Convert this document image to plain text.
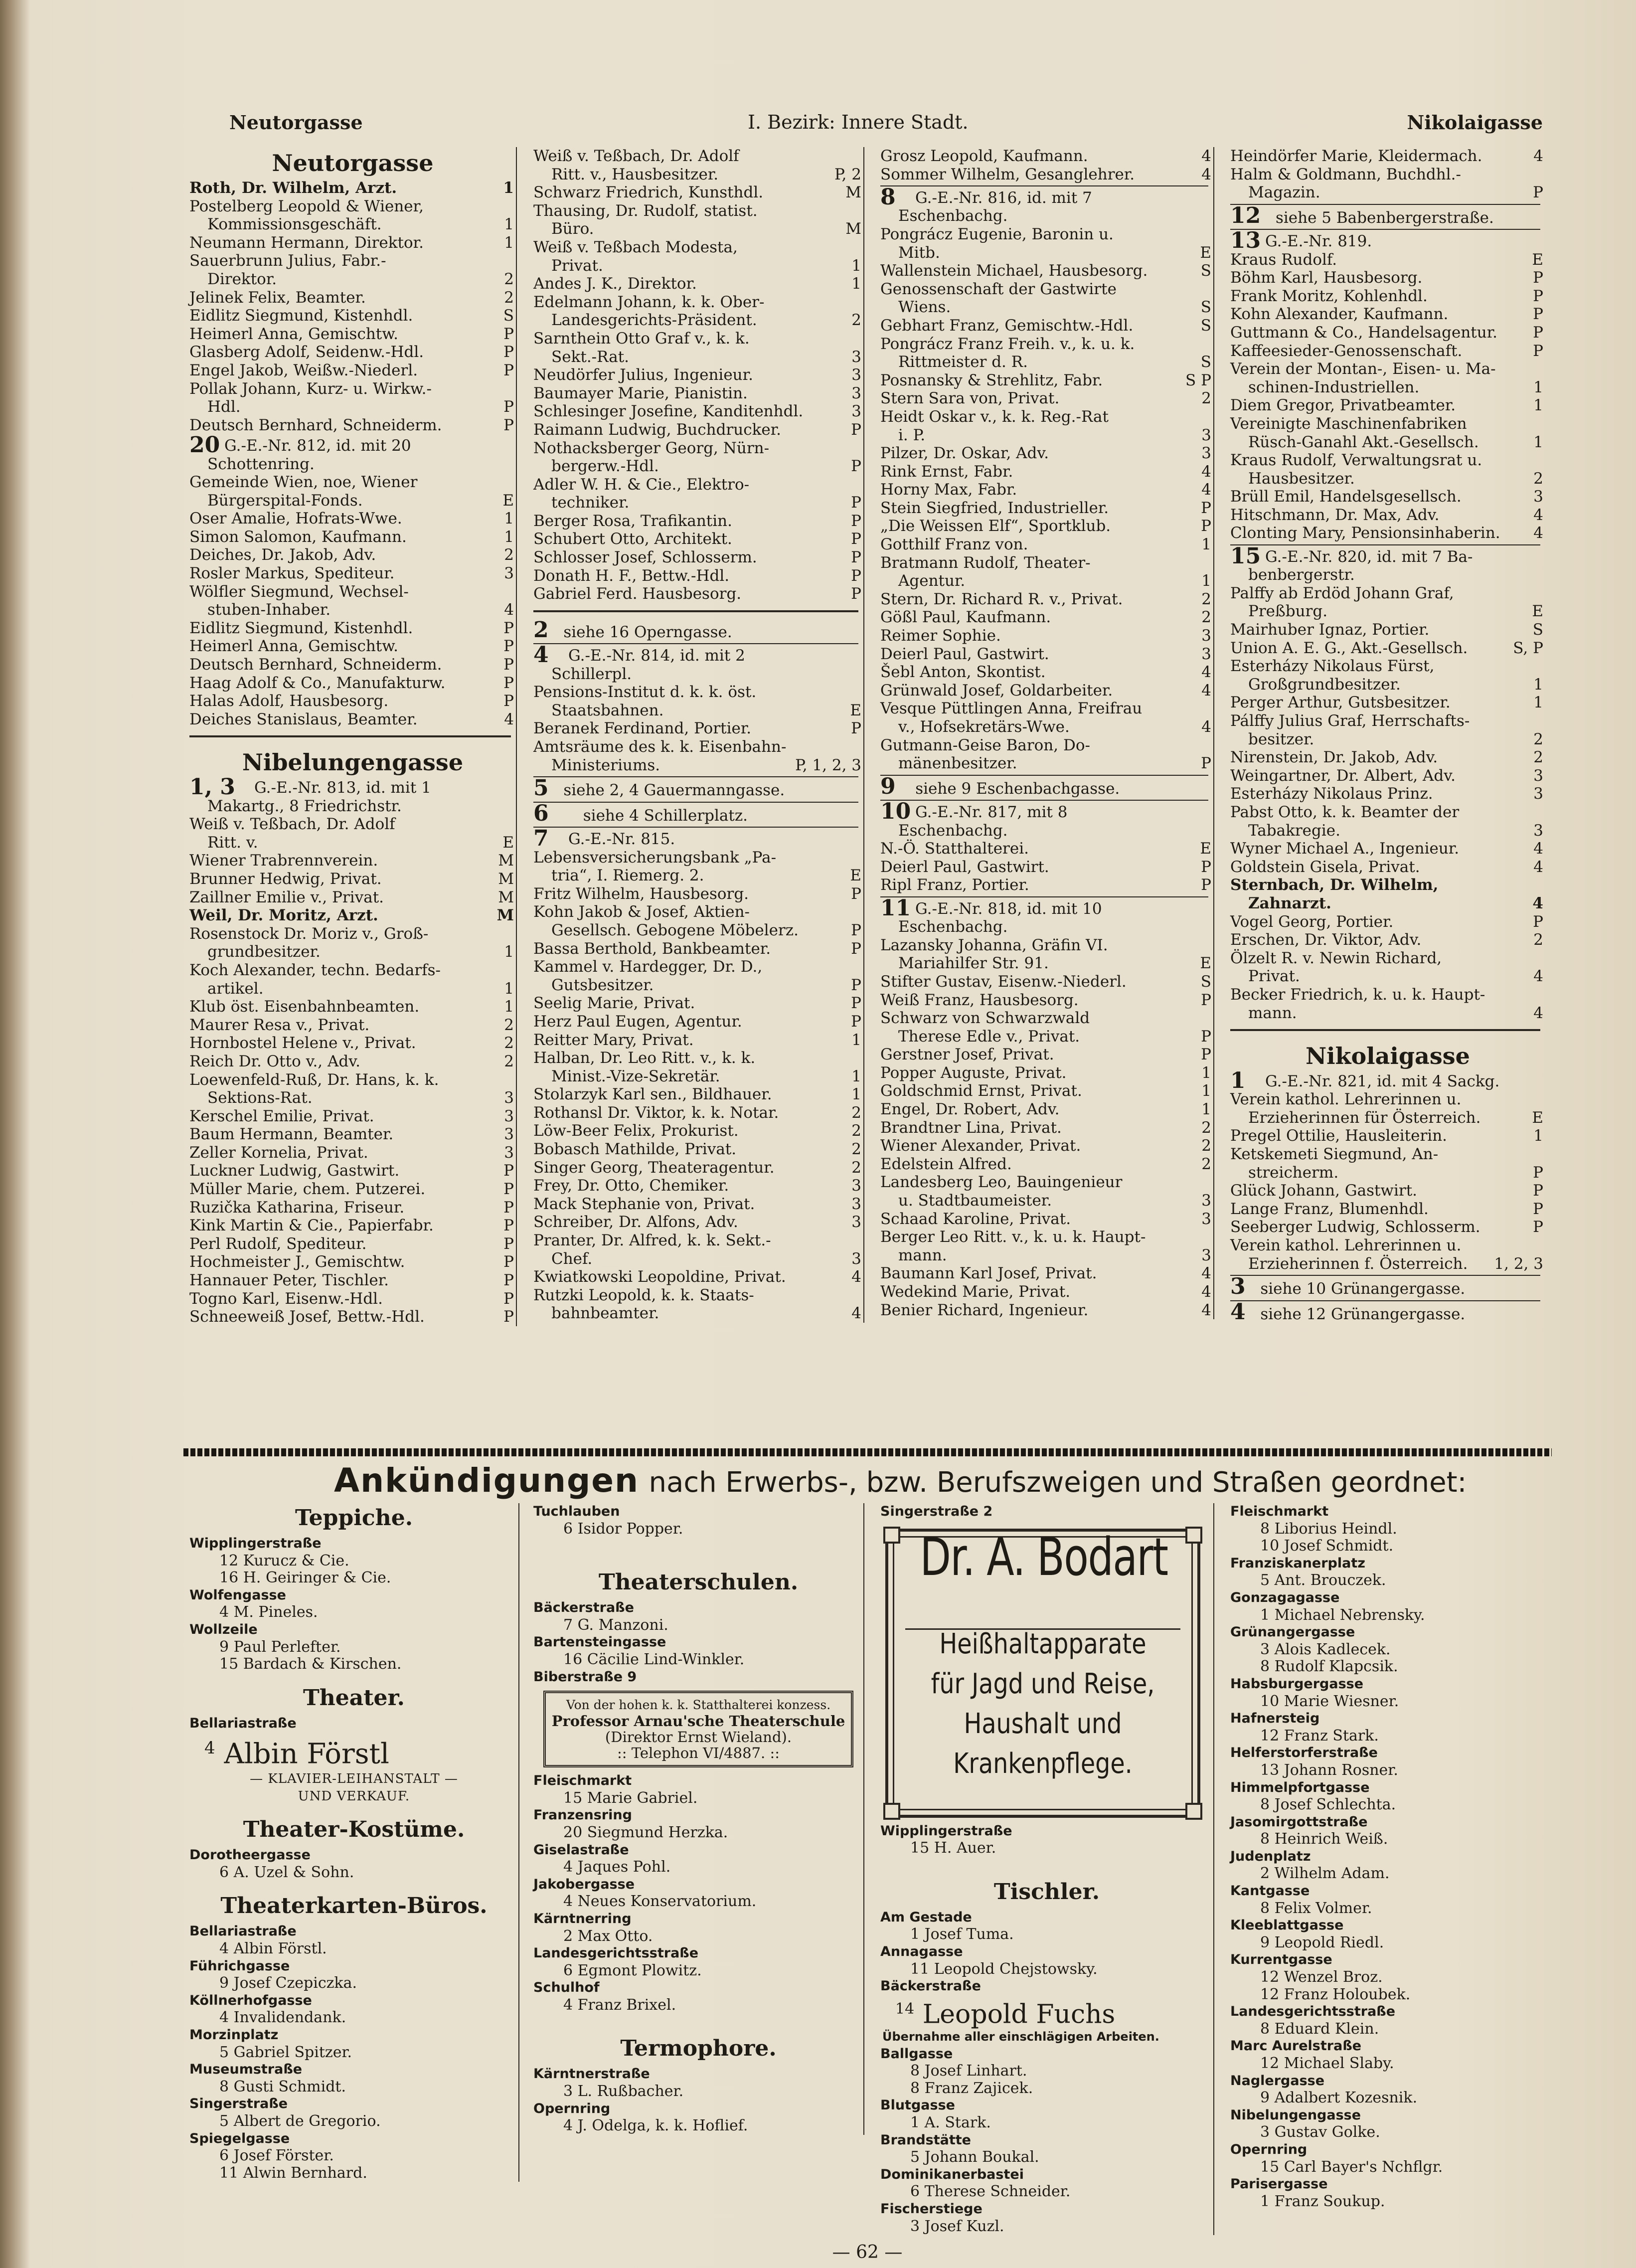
Neutorgasse	I. Bezirk: Innere Stadt.	Nikolaigasse
Neutorgasse
Roth, Dr. Wilhelm, Arzt.	1
Postelberg Leopold & Wiener,
Kommissionsgeschäft.	1
Neumann Hermann, Direktor.	1
Sauerbrunn Julius, Fabr.-
Direktor.	2
Jelinek Felix, Beamter.	2
Eidlitz Siegmund, Kistenhdl.	S
Heimerl Anna, Gemischtw.	P
Glasberg Adolf, Seidenw.-Hdl.	P
Engel Jakob, Weißw.-Niederl.	P
Pollak Johann, Kurz- u. Wirkw.-
Hdl.	P
Deutsch Bernhard, Schneiderm.	P
20 G.-E.-Nr. 812, id. mit 20
Schottenring.
Gemeinde Wien, noe, Wiener
Bürgerspital-Fonds.	E
Oser Amalie, Hofrats-Wwe.	1
Simon Salomon, Kaufmann.	1
Deiches, Dr. Jakob, Adv.	2
Rosler Markus, Spediteur.	3
Wölfler Siegmund, Wechsel-
stuben-Inhaber.	4
Eidlitz Siegmund, Kistenhdl.	P
Heimerl Anna, Gemischtw.	P
Deutsch Bernhard, Schneiderm.	P
Haag Adolf & Co., Manufakturw.	P
Halas Adolf, Hausbesorg.	P
Deiches Stanislaus, Beamter.	4
Nibelungengasse
1, 3	G.-E.-Nr. 813, id. mit 1
Makartg., 8 Friedrichstr.
Weiß v. Teßbach, Dr. Adolf
Ritt. v.	E
Wiener Trabrennverein.	M
Brunner Hedwig, Privat.	M
Zaillner Emilie v., Privat.	M
Weil, Dr. Moritz, Arzt.	M
Rosenstock Dr. Moriz v., Groß-
grundbesitzer.	1
Koch Alexander, techn. Bedarfs-
artikel.	1
Klub öst. Eisenbahnbeamten.	1
Maurer Resa v., Privat.	2
Hornbostel Helene v., Privat.	2
Reich Dr. Otto v., Adv.	2
Loewenfeld-Ruß, Dr. Hans, k. k.
Sektions-Rat.	3
Kerschel Emilie, Privat.	3
Baum Hermann, Beamter.	3
Zeller Kornelia, Privat.	3
Luckner Ludwig, Gastwirt.	P
Müller Marie, chem. Putzerei.	P
Ruzička Katharina, Friseur.	P
Kink Martin & Cie., Papierfabr.	P
Perl Rudolf, Spediteur.	P
Hochmeister J., Gemischtw.	P
Hannauer Peter, Tischler.	P
Togno Karl, Eisenw.-Hdl.	P
Schneeweiß Josef, Bettw.-Hdl.	P
Weiß v. Teßbach, Dr. Adolf
Ritt. v., Hausbesitzer.	P, 2
Schwarz Friedrich, Kunsthdl.	M
Thausing, Dr. Rudolf, statist.
Büro.	M
Weiß v. Teßbach Modesta,
Privat.	1
Andes J. K., Direktor.	1
Edelmann Johann, k. k. Ober-
Landesgerichts-Präsident.	2
Sarnthein Otto Graf v., k. k.
Sekt.-Rat.	3
Neudörfer Julius, Ingenieur.	3
Baumayer Marie, Pianistin.	3
Schlesinger Josefine, Kanditenhdl.	3
Raimann Ludwig, Buchdrucker.	P
Nothacksberger Georg, Nürn-
bergerw.-Hdl.	P
Adler W. H. & Cie., Elektro-
techniker.	P
Berger Rosa, Trafikantin.	P
Schubert Otto, Architekt.	P
Schlosser Josef, Schlosserm.	P
Donath H. F., Bettw.-Hdl.	P
Gabriel Ferd. Hausbesorg.	P
2 siehe 16 Operngasse.
4	G.-E.-Nr. 814, id. mit 2
Schillerpl.
Pensions-Institut d. k. k. öst.
Staatsbahnen.	E
Beranek Ferdinand, Portier.	P
Amtsräume des k. k. Eisenbahn-
Ministeriums.	P, 1, 2, 3
5 siehe 2, 4 Gauermanngasse.
6 siehe 4 Schillerplatz.
7	G.-E.-Nr. 815.
Lebensversicherungsbank „Pa-
tria“, I. Riemerg. 2.	E
Fritz Wilhelm, Hausbesorg.	P
Kohn Jakob & Josef, Aktien-
Gesellsch. Gebogene Möbelerz.	P
Bassa Berthold, Bankbeamter.	P
Kammel v. Hardegger, Dr. D.,
Gutsbesitzer.	P
Seelig Marie, Privat.	P
Herz Paul Eugen, Agentur.	P
Reitter Mary, Privat.	1
Halban, Dr. Leo Ritt. v., k. k.
Minist.-Vize-Sekretär.	1
Stolarzyk Karl sen., Bildhauer.	1
Rothansl Dr. Viktor, k. k. Notar.	2
Löw-Beer Felix, Prokurist.	2
Bobasch Mathilde, Privat.	2
Singer Georg, Theateragentur.	2
Frey, Dr. Otto, Chemiker.	3
Mack Stephanie von, Privat.	3
Schreiber, Dr. Alfons, Adv.	3
Pranter, Dr. Alfred, k. k. Sekt.-
Chef.	3
Kwiatkowski Leopoldine, Privat.	4
Rutzki Leopold, k. k. Staats-
bahnbeamter.	4
Grosz Leopold, Kaufmann.	4
Sommer Wilhelm, Gesanglehrer.	4
8	G.-E.-Nr. 816, id. mit 7
Eschenbachg.
Pongrácz Eugenie, Baronin u.
Mitb.	E
Wallenstein Michael, Hausbesorg.	S
Genossenschaft der Gastwirte
Wiens.	S
Gebhart Franz, Gemischtw.-Hdl.	S
Pongrácz Franz Freih. v., k. u. k.
Rittmeister d. R.	S
Posnansky & Strehlitz, Fabr.	S P
Stern Sara von, Privat.	2
Heidt Oskar v., k. k. Reg.-Rat
i. P.	3
Pilzer, Dr. Oskar, Adv.	3
Rink Ernst, Fabr.	4
Horny Max, Fabr.	4
Stein Siegfried, Industrieller.	P
„Die Weissen Elf“, Sportklub.	P
Gotthilf Franz von.	1
Bratmann Rudolf, Theater-
Agentur.	1
Stern, Dr. Richard R. v., Privat.	2
Gößl Paul, Kaufmann.	2
Reimer Sophie.	3
Deierl Paul, Gastwirt.	3
Šebl Anton, Skontist.	4
Grünwald Josef, Goldarbeiter.	4
Vesque Püttlingen Anna, Freifrau
v., Hofsekretärs-Wwe.	4
Gutmann-Geise Baron, Do-
mänenbesitzer.	P
9 siehe 9 Eschenbachgasse.
10 G.-E.-Nr. 817, mit 8
Eschenbachg.
N.-Ö. Statthalterei.	E
Deierl Paul, Gastwirt.	P
Ripl Franz, Portier.	P
11 G.-E.-Nr. 818, id. mit 10
Eschenbachg.
Lazansky Johanna, Gräfin VI.
Mariahilfer Str. 91.	E
Stifter Gustav, Eisenw.-Niederl.	S
Weiß Franz, Hausbesorg.	P
Schwarz von Schwarzwald
Therese Edle v., Privat.	P
Gerstner Josef, Privat.	P
Popper Auguste, Privat.	1
Goldschmid Ernst, Privat.	1
Engel, Dr. Robert, Adv.	1
Brandtner Lina, Privat.	2
Wiener Alexander, Privat.	2
Edelstein Alfred.	2
Landesberg Leo, Bauingenieur
u. Stadtbaumeister.	3
Schaad Karoline, Privat.	3
Berger Leo Ritt. v., k. u. k. Haupt-
mann.	3
Baumann Karl Josef, Privat.	4
Wedekind Marie, Privat.	4
Benier Richard, Ingenieur.	4
Heindörfer Marie, Kleidermach.	4
Halm & Goldmann, Buchdhl.-
Magazin.	P
12 siehe 5 Babenbergerstraße.
13 G.-E.-Nr. 819.
Kraus Rudolf.	E
Böhm Karl, Hausbesorg.	P
Frank Moritz, Kohlenhdl.	P
Kohn Alexander, Kaufmann.	P
Guttmann & Co., Handelsagentur. P
Kaffeesieder-Genossenschaft.	P
Verein der Montan-, Eisen- u. Ma-
schinen-Industriellen.	1
Diem Gregor, Privatbeamter.	1
Vereinigte Maschinenfabriken
Rüsch-Ganahl Akt.-Gesellsch.	1
Kraus Rudolf, Verwaltungsrat u.
Hausbesitzer.	2
Brüll Emil, Handelsgesellsch.	3
Hitschmann, Dr. Max, Adv.	4
Clonting Mary, Pensionsinhaberin. 4
15 G.-E.-Nr. 820, id. mit 7 Ba-
benbergerstr.
Palffy ab Erdöd Johann Graf,
Preßburg.	E
Mairhuber Ignaz, Portier.	S
Union A. E. G., Akt.-Gesellsch.	S, P
Esterházy Nikolaus Fürst,
Großgrundbesitzer.	1
Perger Arthur, Gutsbesitzer.	1
Pálffy Julius Graf, Herrschafts-
besitzer.	2
Nirenstein, Dr. Jakob, Adv.	2
Weingartner, Dr. Albert, Adv.	3
Esterházy Nikolaus Prinz.	3
Pabst Otto, k. k. Beamter der
Tabakregie.	3
Wyner Michael A., Ingenieur.	4
Goldstein Gisela, Privat.	4
Sternbach, Dr. Wilhelm,
Zahnarzt.	4
Vogel Georg, Portier.	P
Erschen, Dr. Viktor, Adv.	2
Ölzelt R. v. Newin Richard,
Privat.	4
Becker Friedrich, k. u. k. Haupt-
mann.	4
Nikolaigasse
1	G.-E.-Nr. 821, id. mit 4 Sackg.
Verein kathol. Lehrerinnen u.
Erzieherinnen für Österreich.	E
Pregel Ottilie, Hausleiterin.	1
Ketskemeti Siegmund, An-
streicherm.	P
Glück Johann, Gastwirt.	P
Lange Franz, Blumenhdl.	P
Seeberger Ludwig, Schlosserm.	P
Verein kathol. Lehrerinnen u.
Erzieherinnen f. Österreich. 1, 2, 3
3 siehe 10 Grünangergasse.
4 siehe 12 Grünangergasse.
Ankündigungen nach Erwerbs-, bzw. Berufszweigen und Straßen geordnet:
Teppiche.
Wipplingerstraße
12 Kurucz & Cie.
16 H. Geiringer & Cie.
Wolfengasse
4 M. Pineles.
Wollzeile
9 Paul Perlefter.
15 Bardach & Kirschen.
Theater.
Bellariastraße
$^4$ Albin Förstl
— KLAVIER-LEIHANSTALT —
UND VERKAUF.
Theater-Kostüme.
Dorotheergasse
6 A. Uzel & Sohn.
Theaterkarten-Büros.
Bellariastraße
4 Albin Förstl.
Führichgasse
9 Josef Czepiczka.
Köllnerhofgasse
4 Invalidendank.
Morzinplatz
5 Gabriel Spitzer.
Museumstraße
8 Gusti Schmidt.
Singerstraße
5 Albert de Gregorio.
Spiegelgasse
6 Josef Förster.
11 Alwin Bernhard.
Tuchlauben
6 Isidor Popper.
Theaterschulen.
Bäckerstraße
7 G. Manzoni.
Bartensteingasse
16 Cäcilie Lind-Winkler.
Biberstraße 9
Von der hohen k. k. Statthalterei konzess.
Professor Arnau'sche Theaterschule
(Direktor Ernst Wieland).
:: Telephon VI/4887. ::
Fleischmarkt
15 Marie Gabriel.
Franzensring
20 Siegmund Herzka.
Giselastraße
4 Jaques Pohl.
Jakobergasse
4 Neues Konservatorium.
Kärntnerring
2 Max Otto.
Landesgerichtsstraße
6 Egmont Plowitz.
Schulhof
4 Franz Brixel.
Termophore.
Kärntnerstraße
3 L. Rußbacher.
Opernring
4 J. Odelga, k. k. Hoflief.
Singerstraße 2
Dr. A. Bodart
Heißhaltapparate
für Jagd und Reise,
Haushalt und
Krankenpflege.
Wipplingerstraße
15 H. Auer.
Tischler.
Am Gestade
1 Josef Tuma.
Annagasse
11 Leopold Chejstowsky.
Bäckerstraße
$^{14}$ Leopold Fuchs
Übernahme aller einschlägigen Arbeiten.
Ballgasse
8 Josef Linhart.
8 Franz Zajicek.
Blutgasse
1 A. Stark.
Brandstätte
5 Johann Boukal.
Dominikanerbastei
6 Therese Schneider.
Fischerstiege
3 Josef Kuzl.
Fleischmarkt
8 Liborius Heindl.
10 Josef Schmidt.
Franziskanerplatz
5 Ant. Brouczek.
Gonzagagasse
1 Michael Nebrensky.
Grünangergasse
3 Alois Kadlecek.
8 Rudolf Klapcsik.
Habsburgergasse
10 Marie Wiesner.
Hafnersteig
12 Franz Stark.
Helferstorferstraße
13 Johann Rosner.
Himmelpfortgasse
8 Josef Schlechta.
Jasomirgottstraße
8 Heinrich Weiß.
Judenplatz
2 Wilhelm Adam.
Kantgasse
8 Felix Volmer.
Kleeblattgasse
9 Leopold Riedl.
Kurrentgasse
12 Wenzel Broz.
12 Franz Holoubek.
Landesgerichtsstraße
8 Eduard Klein.
Marc Aurelstraße
12 Michael Slaby.
Naglergasse
9 Adalbert Kozesnik.
Nibelungengasse
3 Gustav Golke.
Opernring
15 Carl Bayer's Nchflgr.
Parisergasse
1 Franz Soukup.
— 62 —
